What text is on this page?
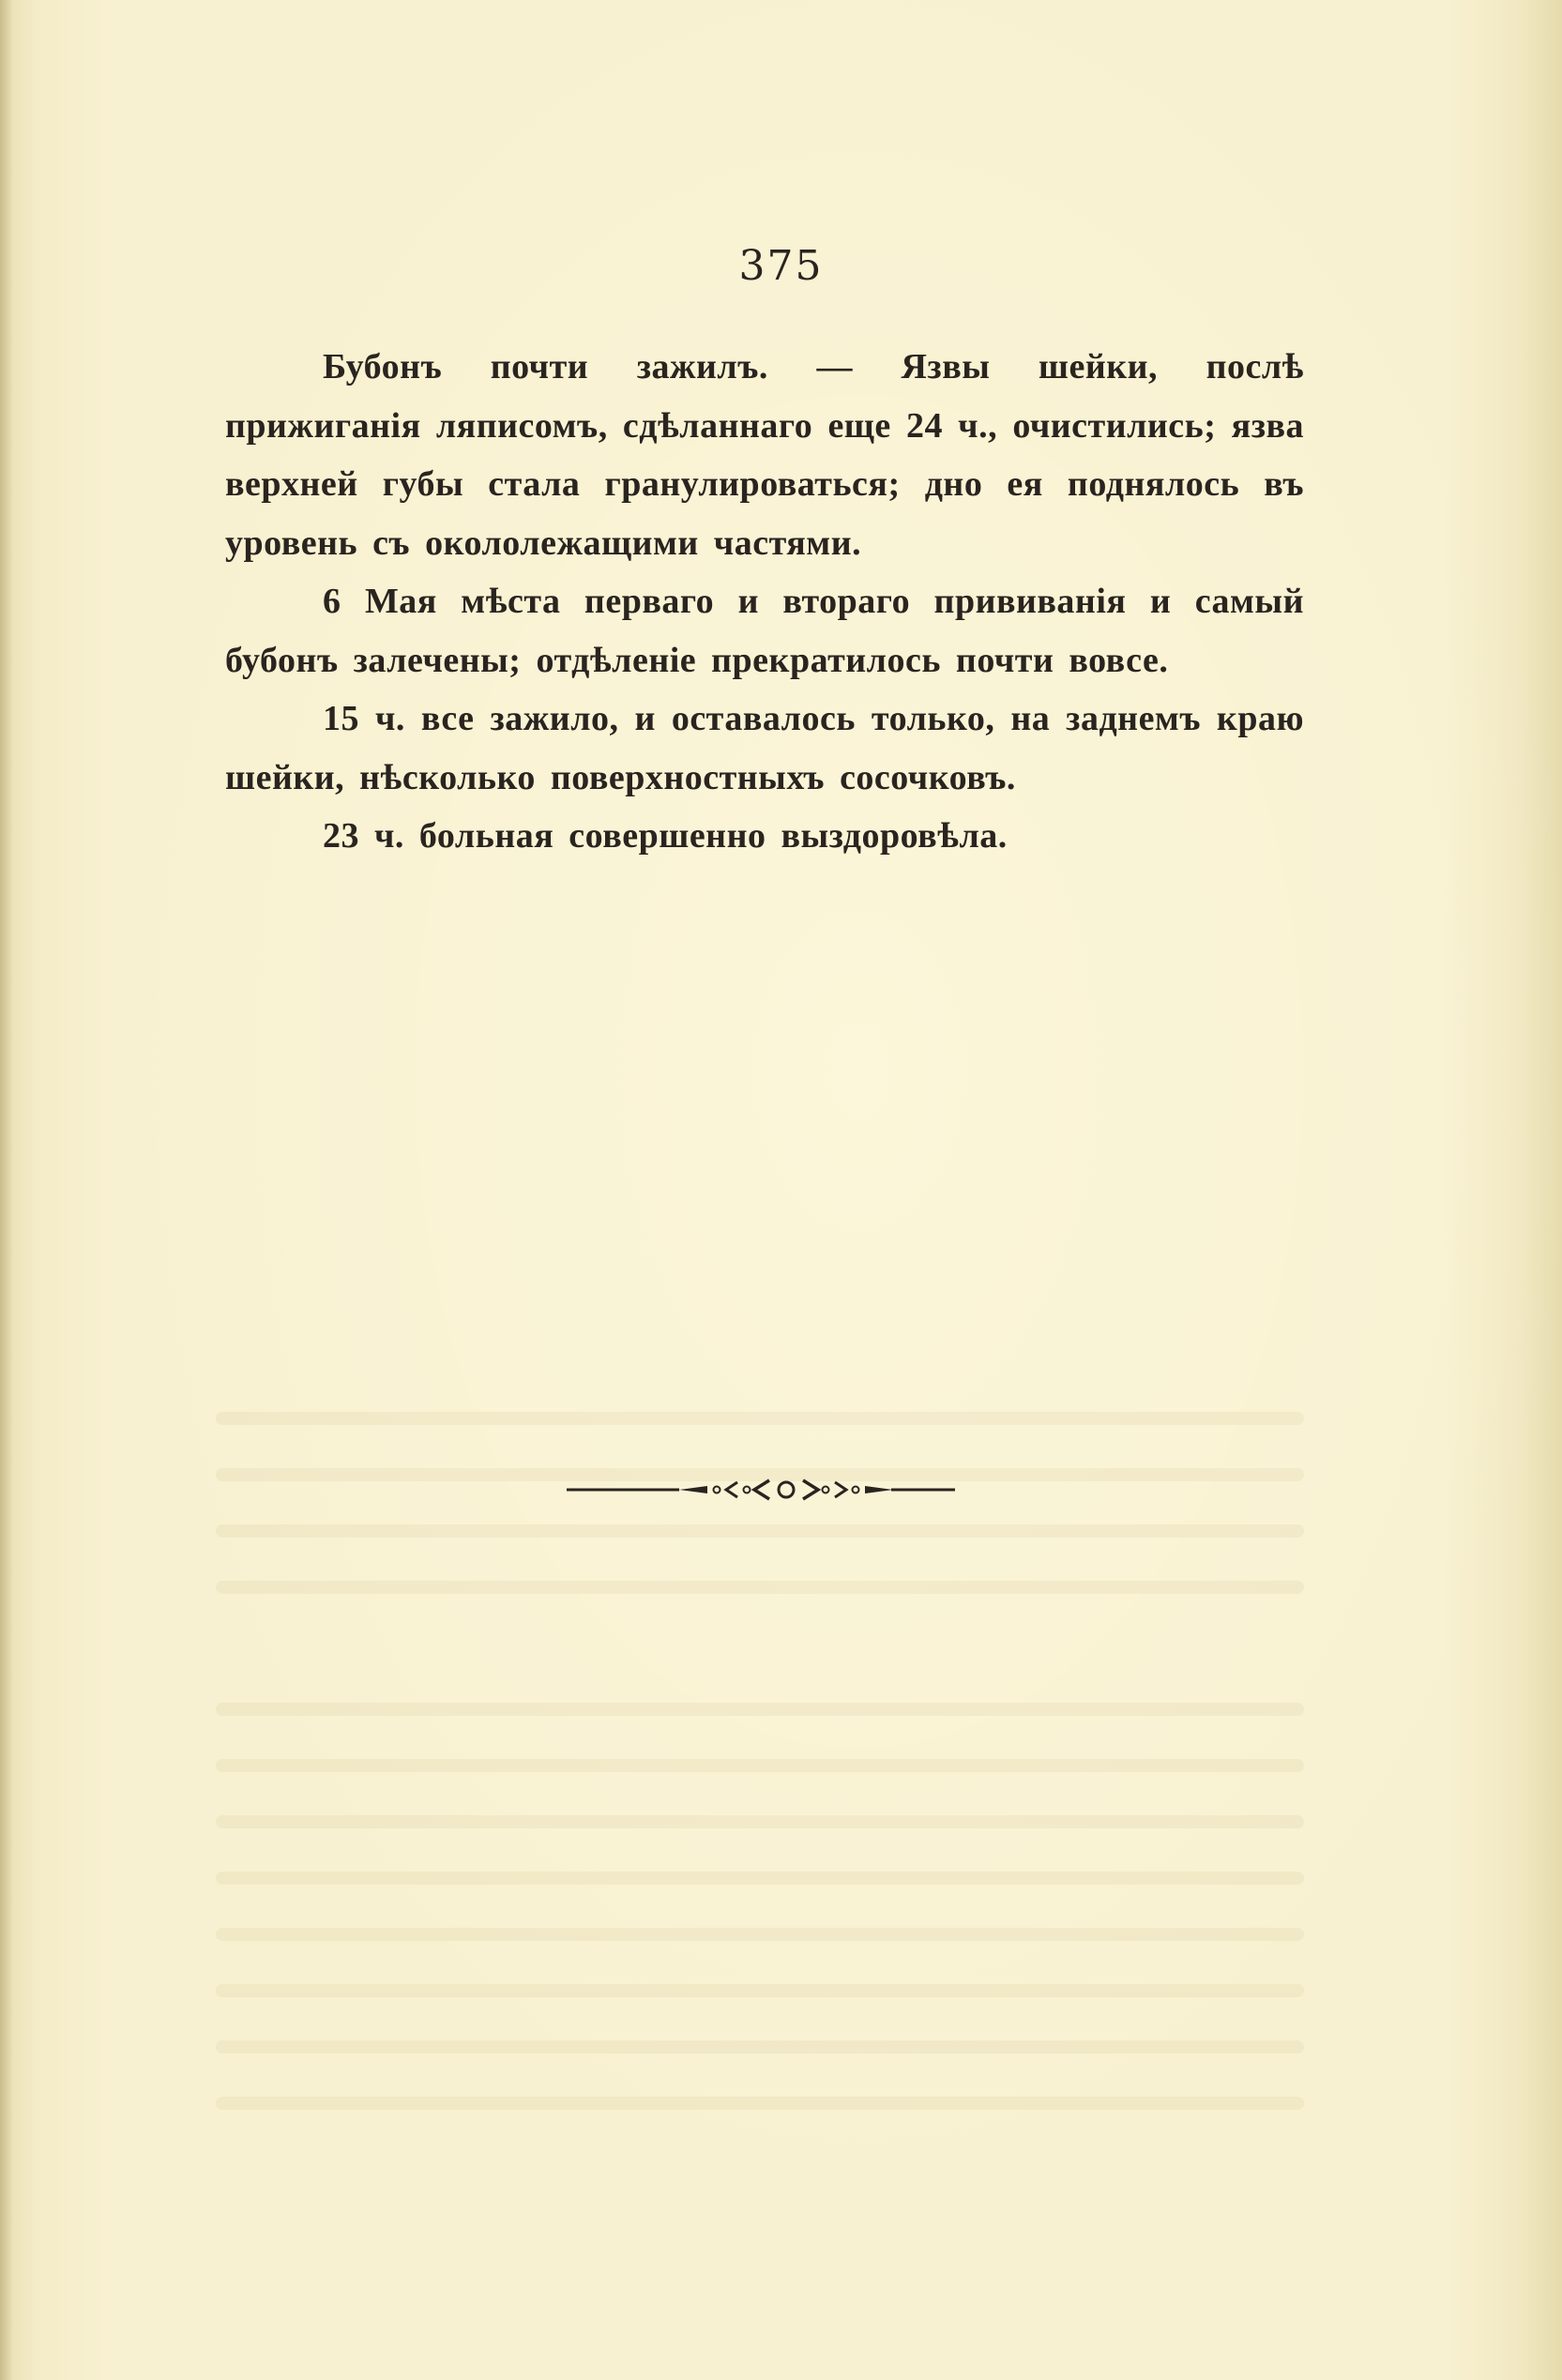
375

Бубонъ почти зажилъ. — Язвы шейки, послѣ прижиганія ляписомъ, сдѣланнаго еще 24 ч., очистились; язва верхней губы стала гранулироваться; дно ея поднялось въ уровень съ окололежащими частями.

6 Мая мѣста перваго и втораго прививанія и самый бубонъ залечены; отдѣленіе прекратилось почти вовсе.

15 ч. все зажило, и оставалось только, на заднемъ краю шейки, нѣсколько поверхностныхъ сосочковъ.

23 ч. больная совершенно выздоровѣла.
